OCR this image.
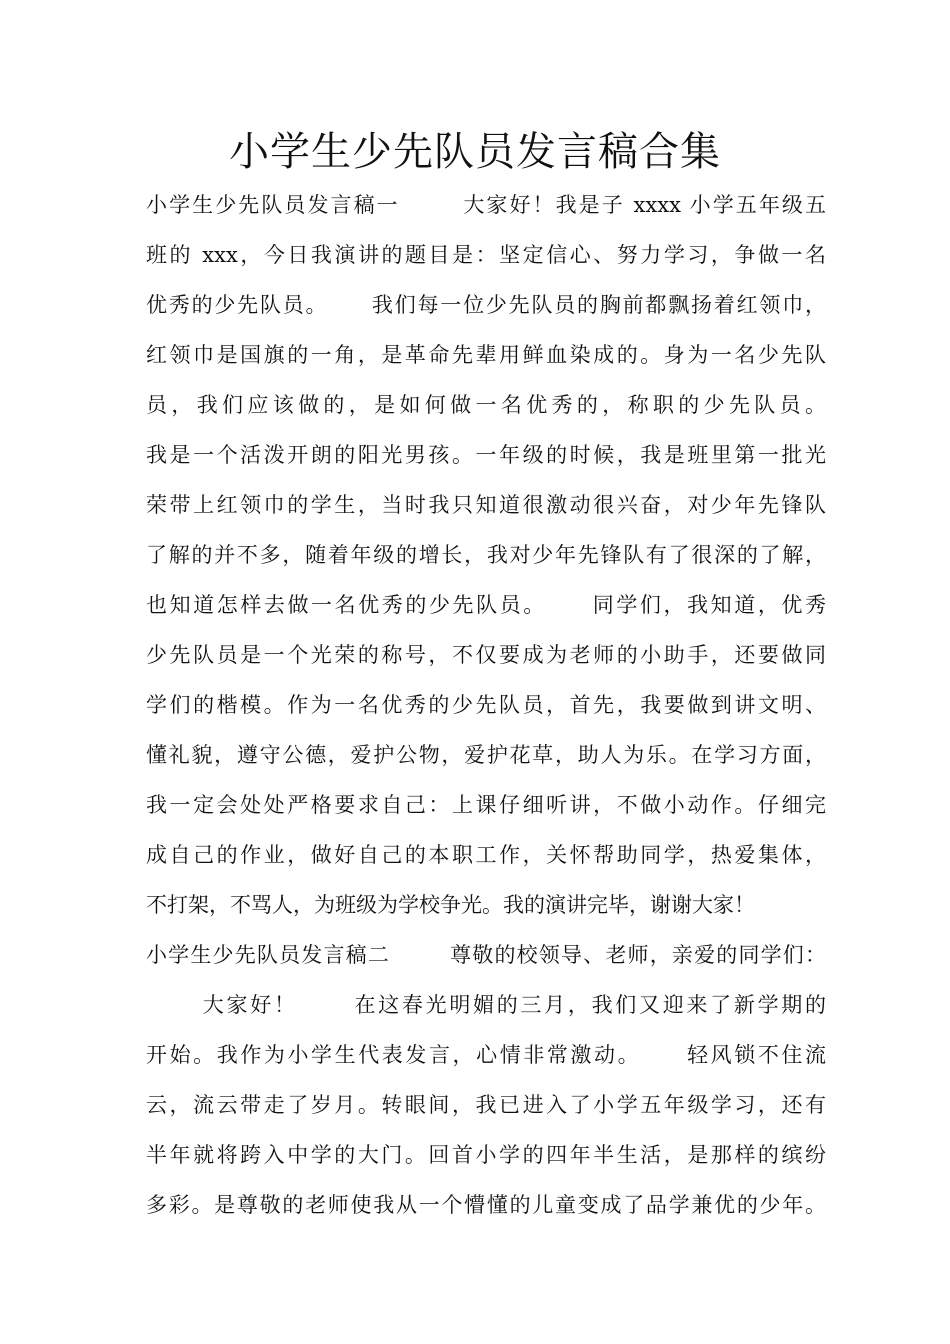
小学生少先队员发言稿合集
小学生少先队员发言稿一 　　 大家好！我是子 xxxx 小学五年级五
班的 xxx，今日我演讲的题目是：坚定信心、努力学习，争做一名
优秀的少先队员。　　 我们每一位少先队员的胸前都飘扬着红领巾，
红领巾是国旗的一角，是革命先辈用鲜血染成的。身为一名少先队
员，我们应该做的，是如何做一名优秀的，称职的少先队员。
我是一个活泼开朗的阳光男孩。一年级的时候，我是班里第一批光
荣带上红领巾的学生，当时我只知道很激动很兴奋，对少年先锋队
了解的并不多，随着年级的增长，我对少年先锋队有了很深的了解，
也知道怎样去做一名优秀的少先队员。　　 同学们，我知道，优秀
少先队员是一个光荣的称号，不仅要成为老师的小助手，还要做同
学们的楷模。作为一名优秀的少先队员，首先，我要做到讲文明、
懂礼貌，遵守公德，爱护公物，爱护花草，助人为乐。在学习方面，
我一定会处处严格要求自己：上课仔细听讲，不做小动作。仔细完
成自己的作业，做好自己的本职工作，关怀帮助同学，热爱集体，
不打架，不骂人，为班级为学校争光。我的演讲完毕，谢谢大家！
小学生少先队员发言稿二 　　 尊敬的校领导、老师，亲爱的同学们：
　　 大家好！　　 在这春光明媚的三月，我们又迎来了新学期的
开始。我作为小学生代表发言，心情非常激动。　　 轻风锁不住流
云，流云带走了岁月。转眼间，我已进入了小学五年级学习，还有
半年就将跨入中学的大门。回首小学的四年半生活，是那样的缤纷
多彩。是尊敬的老师使我从一个懵懂的儿童变成了品学兼优的少年。
